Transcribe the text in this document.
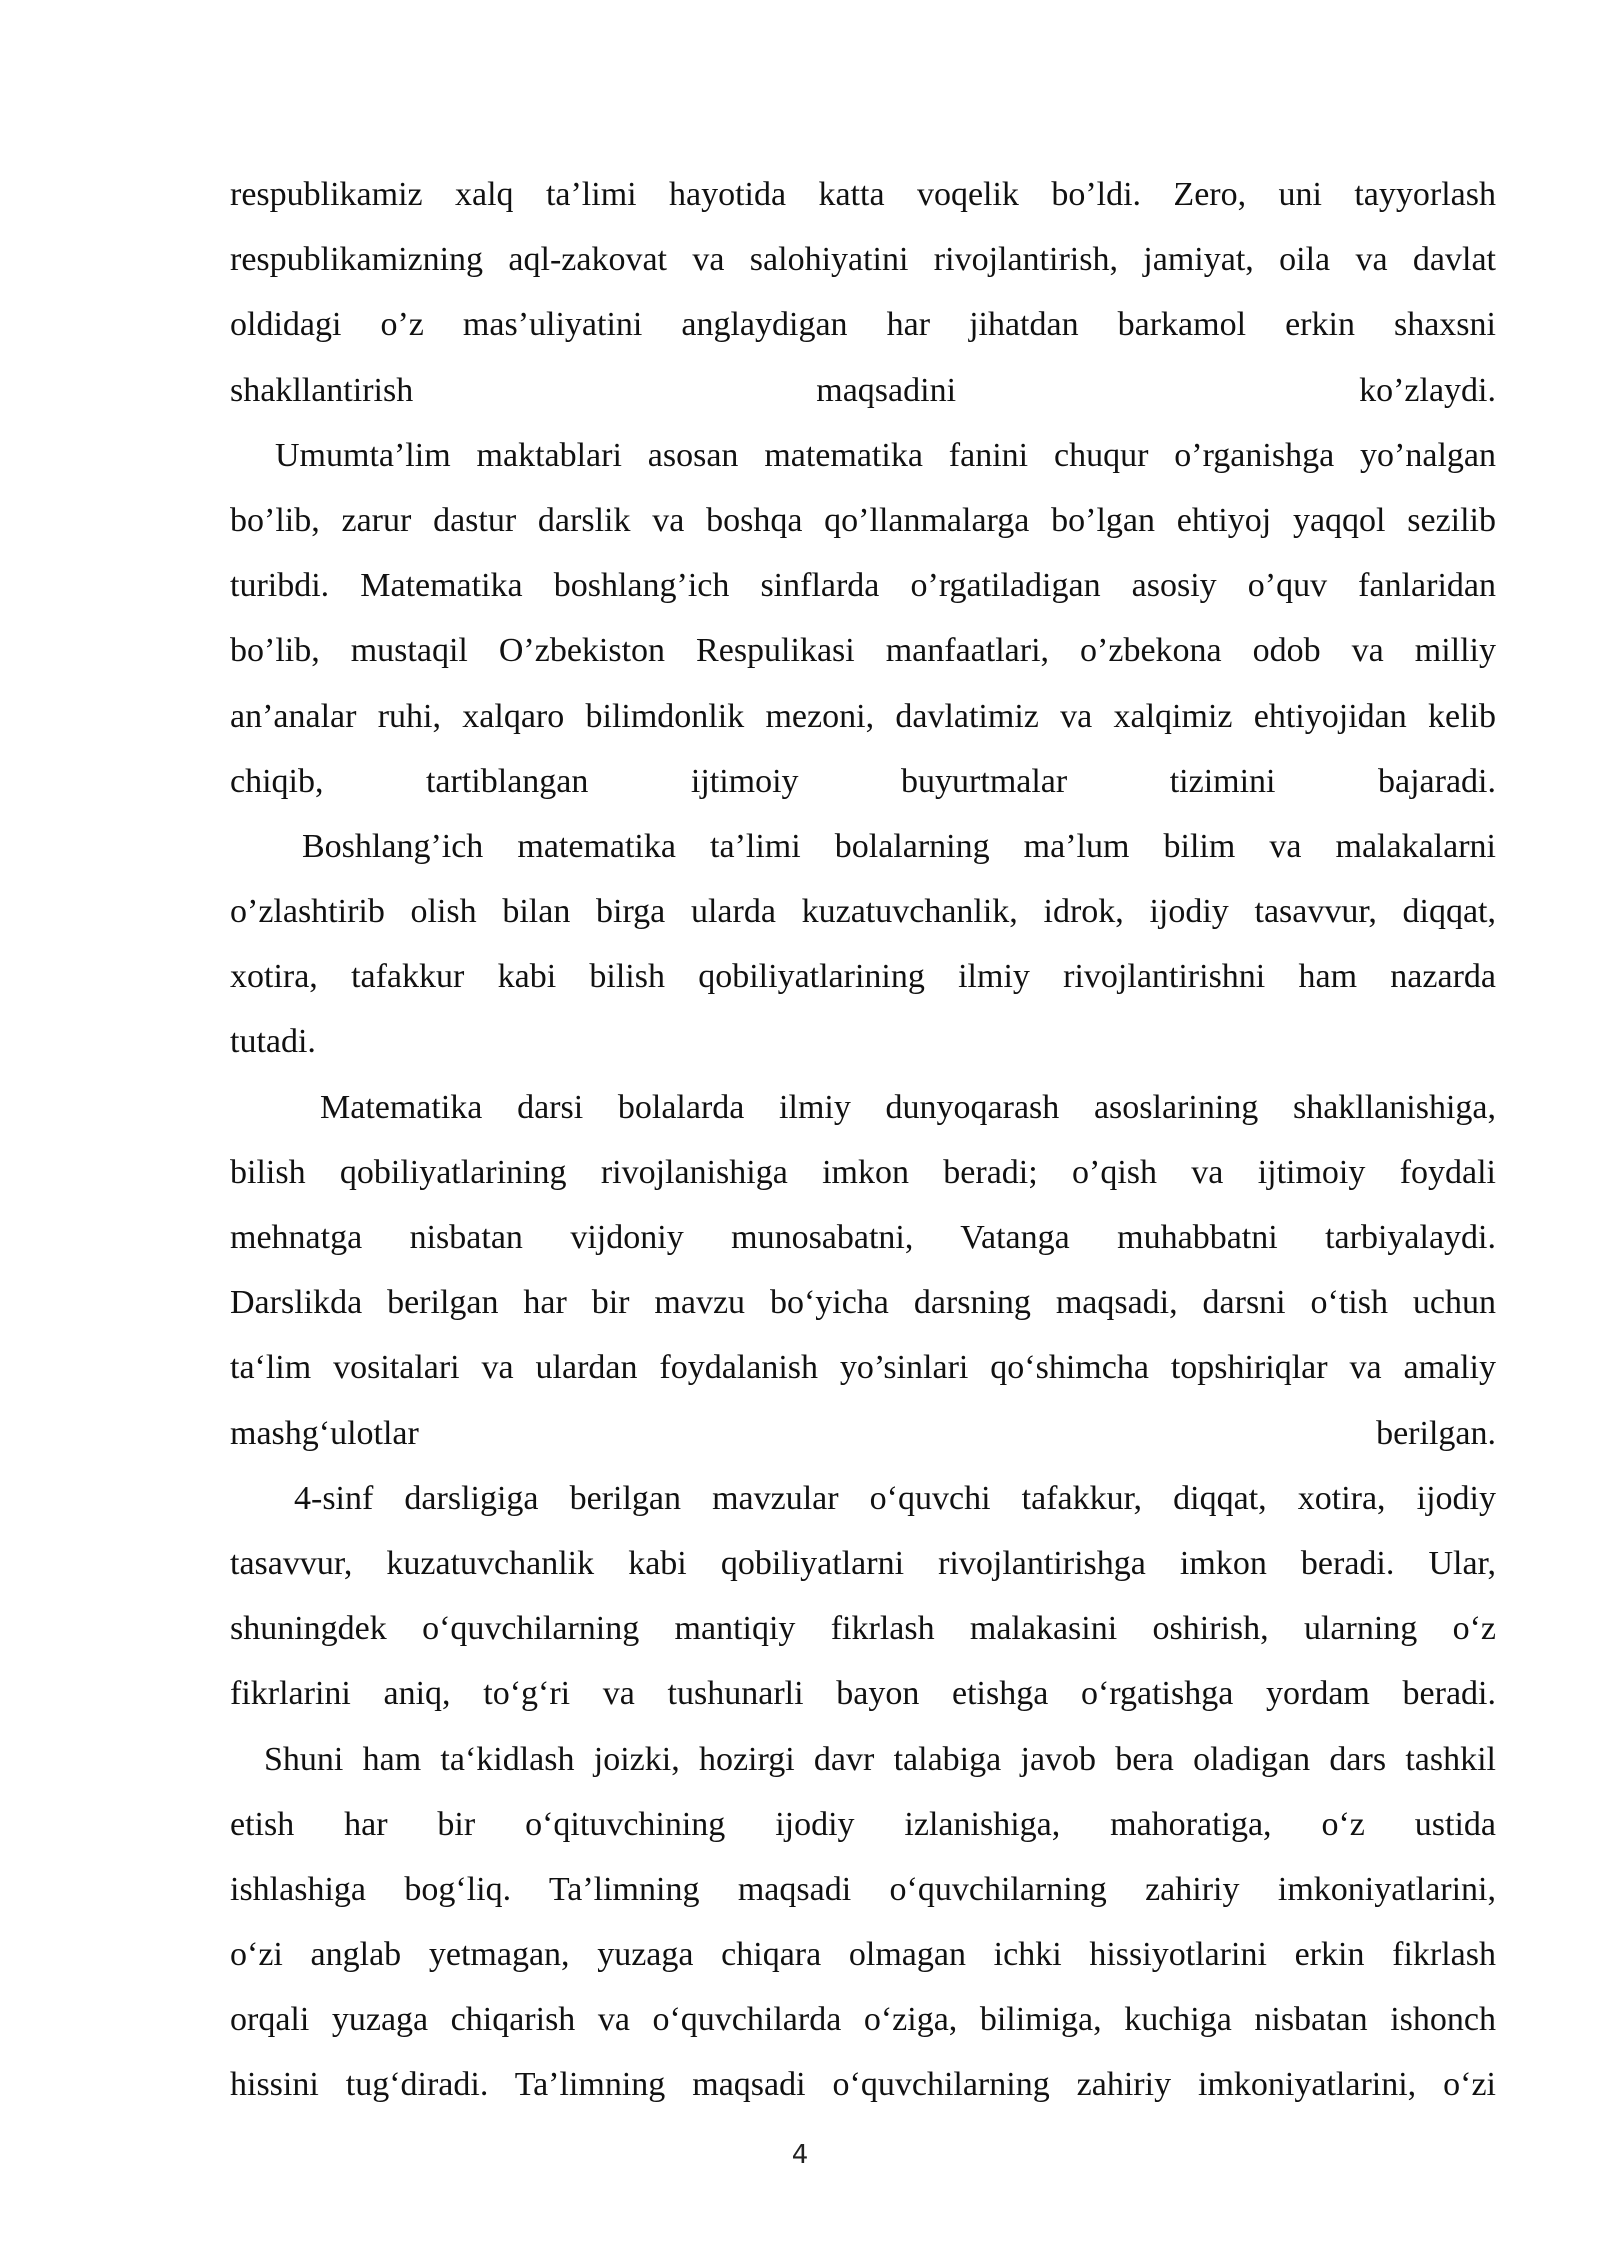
respublikamiz xalq ta’limi hayotida katta voqelik bo’ldi. Zero, uni tayyorlash
respublikamizning aql-zakovat va salohiyatini rivojlantirish, jamiyat, oila va davlat
oldidagi o’z mas’uliyatini anglaydigan har jihatdan barkamol erkin shaxsni
shakllantirish maqsadini ko’zlaydi.
Umumta’lim maktablari asosan matematika fanini chuqur o’rganishga yo’nalgan
bo’lib, zarur dastur darslik va boshqa qo’llanmalarga bo’lgan ehtiyoj yaqqol sezilib
turibdi. Matematika boshlang’ich sinflarda o’rgatiladigan asosiy o’quv fanlaridan
bo’lib, mustaqil O’zbekiston Respulikasi manfaatlari, o’zbekona odob va milliy
an’analar ruhi, xalqaro bilimdonlik mezoni, davlatimiz va xalqimiz ehtiyojidan kelib
chiqib, tartiblangan ijtimoiy buyurtmalar tizimini bajaradi.
Boshlang’ich matematika ta’limi bolalarning ma’lum bilim va malakalarni
o’zlashtirib olish bilan birga ularda kuzatuvchanlik, idrok, ijodiy tasavvur, diqqat,
xotira, tafakkur kabi bilish qobiliyatlarining ilmiy rivojlantirishni ham nazarda
tutadi.
Matematika darsi bolalarda ilmiy dunyoqarash asoslarining shakllanishiga,
bilish qobiliyatlarining rivojlanishiga imkon beradi; o’qish va ijtimoiy foydali
mehnatga nisbatan vijdoniy munosabatni, Vatanga muhabbatni tarbiyalaydi.
Darslikda berilgan har bir mavzu bo‘yicha darsning maqsadi, darsni o‘tish uchun
ta‘lim vositalari va ulardan foydalanish yo’sinlari qo‘shimcha topshiriqlar va amaliy
mashg‘ulotlar berilgan.
4-sinf darsligiga berilgan mavzular o‘quvchi tafakkur, diqqat, xotira, ijodiy
tasavvur, kuzatuvchanlik kabi qobiliyatlarni rivojlantirishga imkon beradi. Ular,
shuningdek o‘quvchilarning mantiqiy fikrlash malakasini oshirish, ularning o‘z
fikrlarini aniq, to‘g‘ri va tushunarli bayon etishga o‘rgatishga yordam beradi.
Shuni ham ta‘kidlash joizki, hozirgi davr talabiga javob bera oladigan dars tashkil
etish har bir o‘qituvchining ijodiy izlanishiga, mahoratiga, o‘z ustida
ishlashiga bog‘liq. Ta’limning maqsadi o‘quvchilarning zahiriy imkoniyatlarini,
o‘zi anglab yetmagan, yuzaga chiqara olmagan ichki hissiyotlarini erkin fikrlash
orqali yuzaga chiqarish va o‘quvchilarda o‘ziga, bilimiga, kuchiga nisbatan ishonch
hissini tug‘diradi. Ta’limning maqsadi o‘quvchilarning zahiriy imkoniyatlarini, o‘zi
4
